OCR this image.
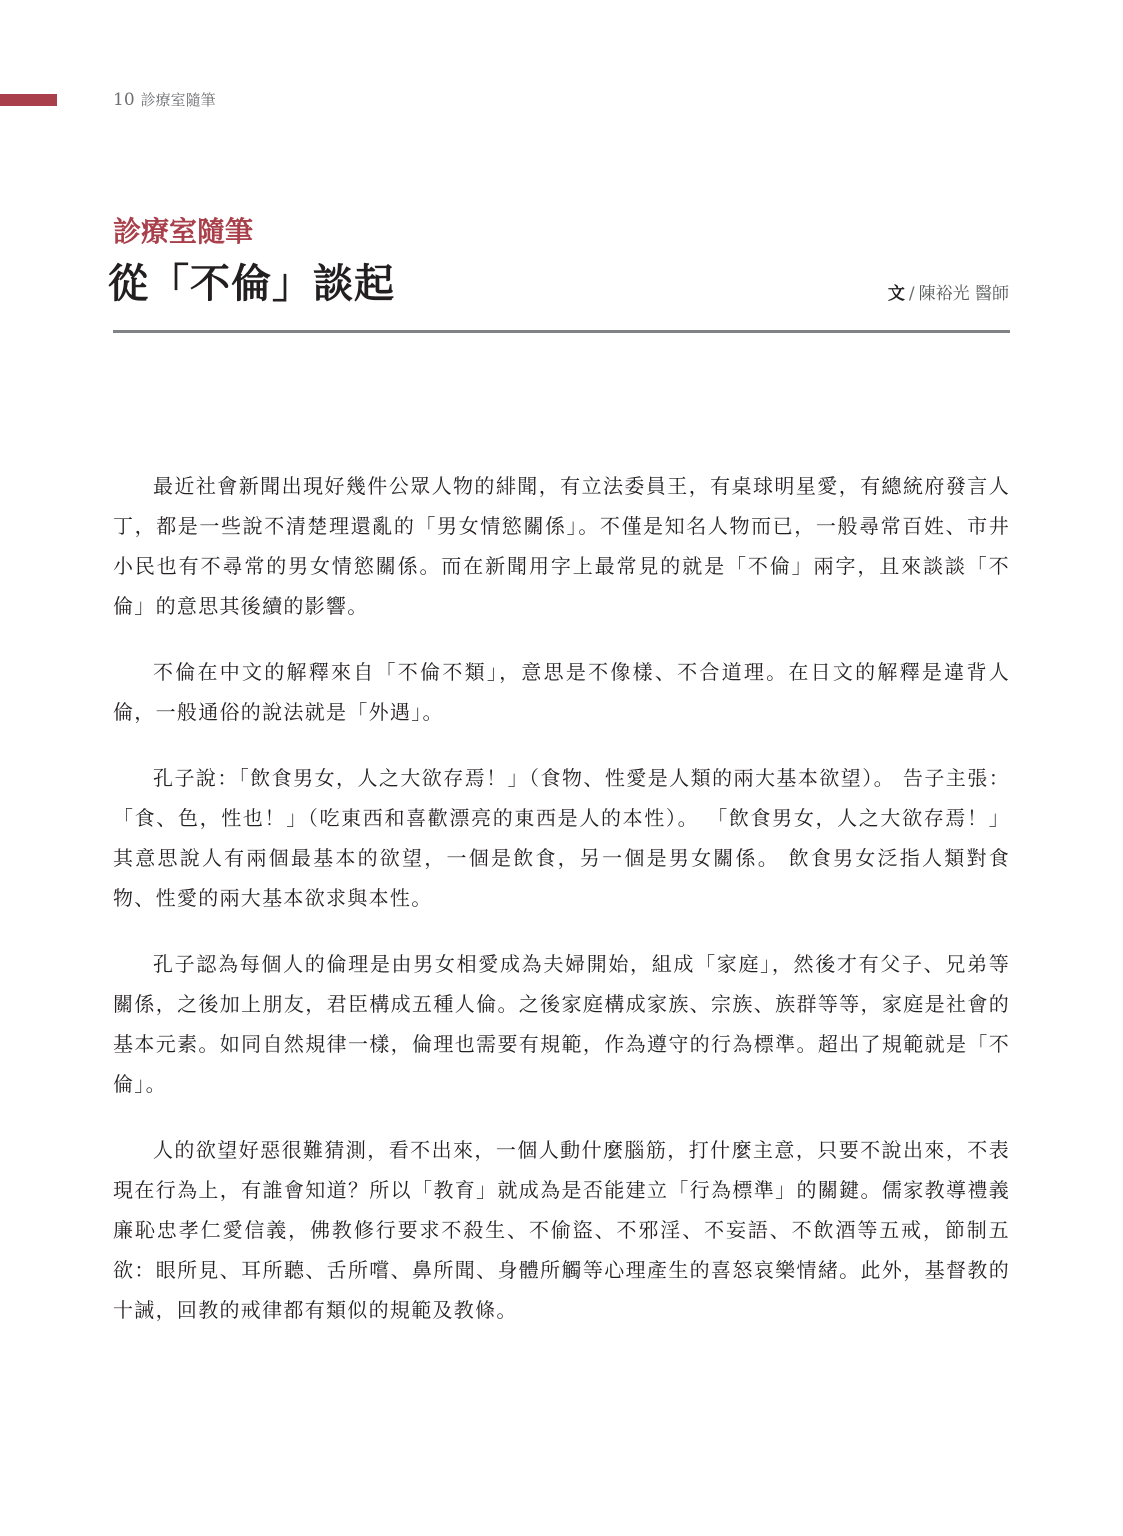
10 診療室隨筆
診療室隨筆
從「不倫」談起	文 / 陳裕光 醫師

最近社會新聞出現好幾件公眾人物的緋聞，有立法委員王，有桌球明星愛，有總統府發言人丁，都是一些說不清楚理還亂的「男女情慾關係」。不僅是知名人物而已，一般尋常百姓、市井小民也有不尋常的男女情慾關係。而在新聞用字上最常見的就是「不倫」兩字，且來談談「不倫」的意思其後續的影響。

不倫在中文的解釋來自「不倫不類」，意思是不像樣、不合道理。在日文的解釋是違背人倫，一般通俗的說法就是「外遇」。

孔子說：「飲食男女，人之大欲存焉！」（食物、性愛是人類的兩大基本欲望）。 告子主張：「食、色，性也！」（吃東西和喜歡漂亮的東西是人的本性）。 「飲食男女，人之大欲存焉！」其意思說人有兩個最基本的欲望，一個是飲食，另一個是男女關係。 飲食男女泛指人類對食物、性愛的兩大基本欲求與本性。

孔子認為每個人的倫理是由男女相愛成為夫婦開始，組成「家庭」，然後才有父子、兄弟等關係，之後加上朋友，君臣構成五種人倫。之後家庭構成家族、宗族、族群等等，家庭是社會的基本元素。如同自然規律一樣，倫理也需要有規範，作為遵守的行為標準。超出了規範就是「不倫」。

人的欲望好惡很難猜測，看不出來，一個人動什麼腦筋，打什麼主意，只要不說出來，不表現在行為上，有誰會知道？所以「教育」就成為是否能建立「行為標準」的關鍵。儒家教導禮義廉恥忠孝仁愛信義，佛教修行要求不殺生、不偷盜、不邪淫、不妄語、不飲酒等五戒，節制五欲：眼所見、耳所聽、舌所嚐、鼻所聞、身體所觸等心理產生的喜怒哀樂情緒。此外，基督教的十誡，回教的戒律都有類似的規範及教條。
